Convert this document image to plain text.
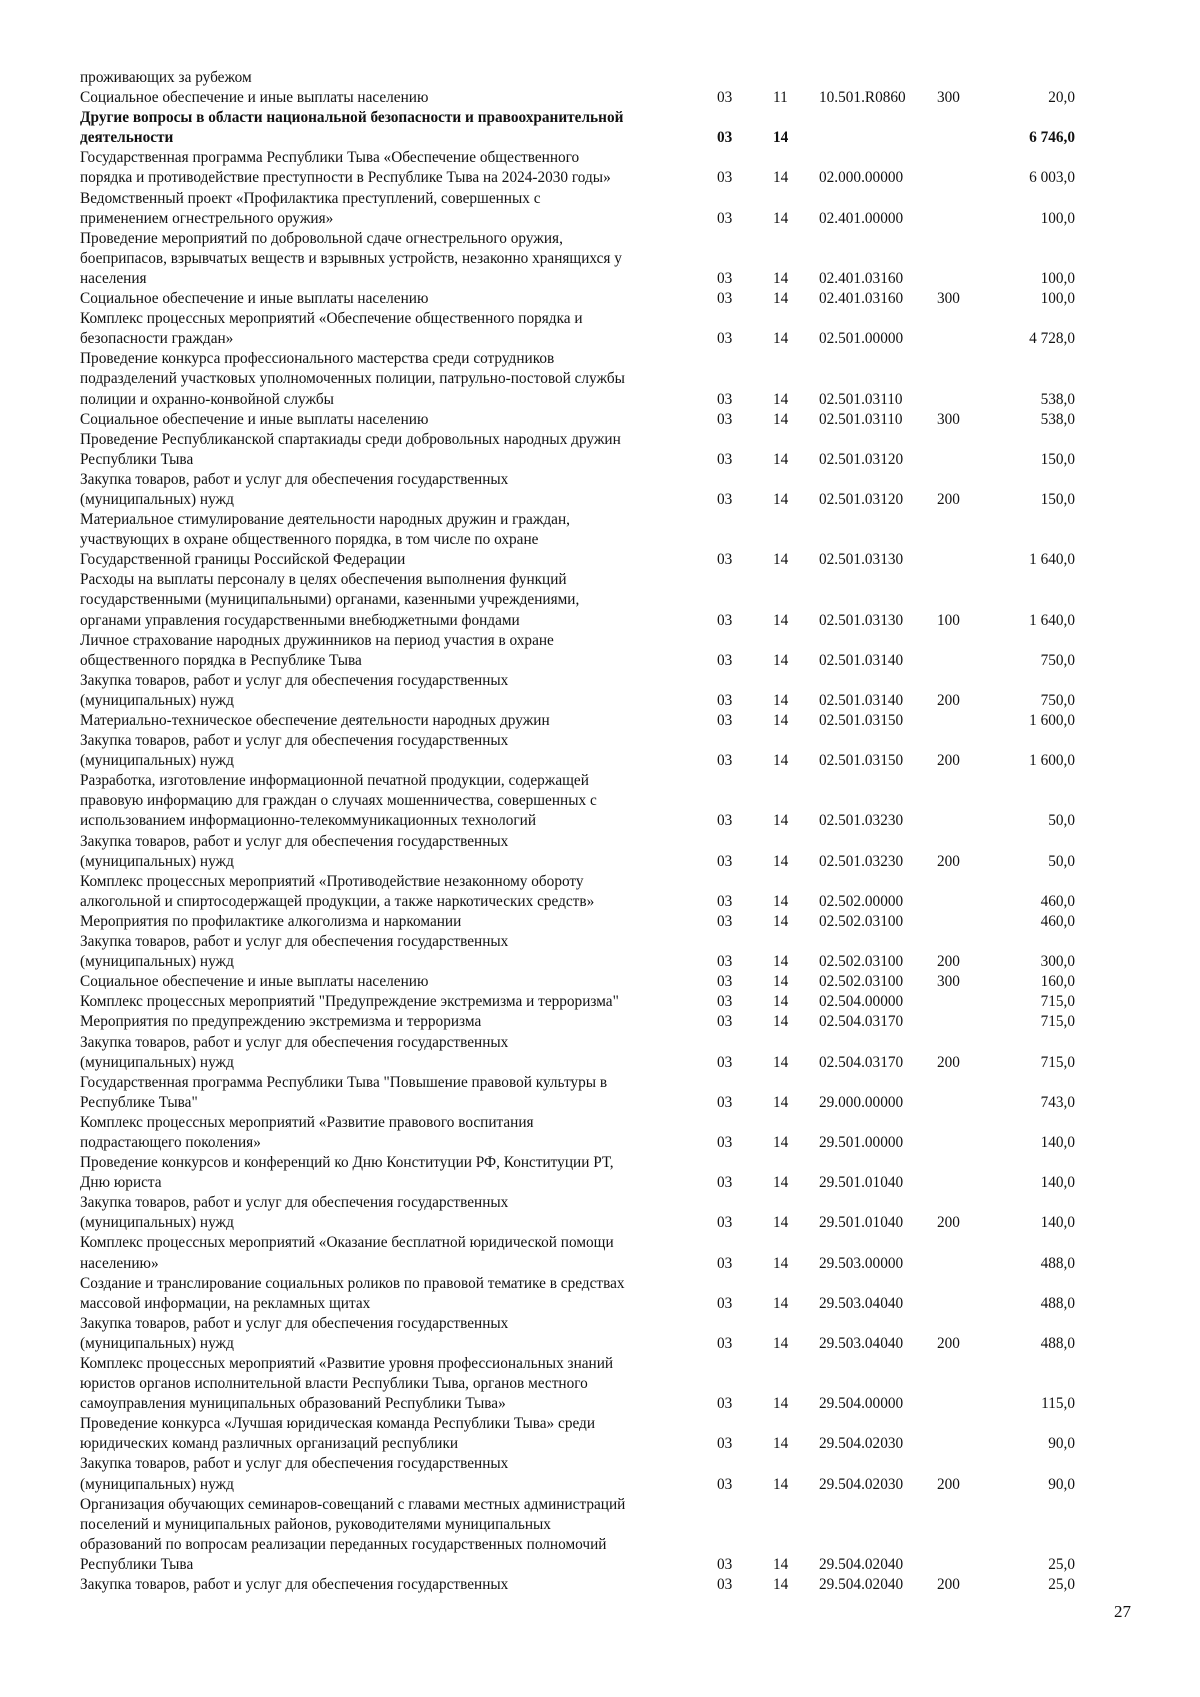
проживающих за рубежом
Социальное обеспечение и иные выплаты населению	03	11	10.501.R0860	300	20,0
Другие вопросы в области национальной безопасности и правоохранительной
деятельности	03	14	6 746,0
Государственная программа Республики Тыва «Обеспечение общественного
порядка и противодействие преступности в Республике Тыва на 2024-2030 годы»	03	14	02.000.00000	6 003,0
Ведомственный проект «Профилактика преступлений, совершенных с
применением огнестрельного оружия»	03	14	02.401.00000	100,0
Проведение мероприятий по добровольной сдаче огнестрельного оружия,
боеприпасов, взрывчатых веществ и взрывных устройств, незаконно хранящихся у
населения	03	14	02.401.03160	100,0
Социальное обеспечение и иные выплаты населению	03	14	02.401.03160	300	100,0
Комплекс процессных мероприятий «Обеспечение общественного порядка и
безопасности граждан»	03	14	02.501.00000	4 728,0
Проведение конкурса профессионального мастерства среди сотрудников
подразделений участковых уполномоченных полиции, патрульно-постовой службы
полиции и охранно-конвойной службы	03	14	02.501.03110	538,0
Социальное обеспечение и иные выплаты населению	03	14	02.501.03110	300	538,0
Проведение Республиканской спартакиады среди добровольных народных дружин
Республики Тыва	03	14	02.501.03120	150,0
Закупка товаров, работ и услуг для обеспечения государственных
(муниципальных) нужд	03	14	02.501.03120	200	150,0
Материальное стимулирование деятельности народных дружин и граждан,
участвующих в охране общественного порядка, в том числе по охране
Государственной границы Российской Федерации	03	14	02.501.03130	1 640,0
Расходы на выплаты персоналу в целях обеспечения выполнения функций
государственными (муниципальными) органами, казенными учреждениями,
органами управления государственными внебюджетными фондами	03	14	02.501.03130	100	1 640,0
Личное страхование народных дружинников на период участия в охране
общественного порядка в Республике Тыва	03	14	02.501.03140	750,0
Закупка товаров, работ и услуг для обеспечения государственных
(муниципальных) нужд	03	14	02.501.03140	200	750,0
Материально-техническое обеспечение деятельности народных дружин	03	14	02.501.03150	1 600,0
Закупка товаров, работ и услуг для обеспечения государственных
(муниципальных) нужд	03	14	02.501.03150	200	1 600,0
Разработка, изготовление информационной печатной продукции, содержащей
правовую информацию для граждан о случаях мошенничества, совершенных с
использованием информационно-телекоммуникационных технологий	03	14	02.501.03230	50,0
Закупка товаров, работ и услуг для обеспечения государственных
(муниципальных) нужд	03	14	02.501.03230	200	50,0
Комплекс процессных мероприятий «Противодействие незаконному обороту
алкогольной и спиртосодержащей продукции, а также наркотических средств»	03	14	02.502.00000	460,0
Мероприятия по профилактике алкоголизма и наркомании	03	14	02.502.03100	460,0
Закупка товаров, работ и услуг для обеспечения государственных
(муниципальных) нужд	03	14	02.502.03100	200	300,0
Социальное обеспечение и иные выплаты населению	03	14	02.502.03100	300	160,0
Комплекс процессных мероприятий "Предупреждение экстремизма и терроризма"	03	14	02.504.00000	715,0
Мероприятия по предупреждению экстремизма и терроризма	03	14	02.504.03170	715,0
Закупка товаров, работ и услуг для обеспечения государственных
(муниципальных) нужд	03	14	02.504.03170	200	715,0
Государственная программа Республики Тыва "Повышение правовой культуры в
Республике Тыва"	03	14	29.000.00000	743,0
Комплекс процессных мероприятий «Развитие правового воспитания
подрастающего поколения»	03	14	29.501.00000	140,0
Проведение конкурсов и конференций ко Дню Конституции РФ, Конституции РТ,
Дню юриста	03	14	29.501.01040	140,0
Закупка товаров, работ и услуг для обеспечения государственных
(муниципальных) нужд	03	14	29.501.01040	200	140,0
Комплекс процессных мероприятий «Оказание бесплатной юридической помощи
населению»	03	14	29.503.00000	488,0
Создание и транслирование социальных роликов по правовой тематике в средствах
массовой информации, на рекламных щитах	03	14	29.503.04040	488,0
Закупка товаров, работ и услуг для обеспечения государственных
(муниципальных) нужд	03	14	29.503.04040	200	488,0
Комплекс процессных мероприятий «Развитие уровня профессиональных знаний
юристов органов исполнительной власти Республики Тыва, органов местного
самоуправления муниципальных образований Республики Тыва»	03	14	29.504.00000	115,0
Проведение конкурса «Лучшая юридическая команда Республики Тыва» среди
юридических команд различных организаций республики	03	14	29.504.02030	90,0
Закупка товаров, работ и услуг для обеспечения государственных
(муниципальных) нужд	03	14	29.504.02030	200	90,0
Организация обучающих семинаров-совещаний с главами местных администраций
поселений и муниципальных районов, руководителями муниципальных
образований по вопросам реализации переданных государственных полномочий
Республики Тыва	03	14	29.504.02040	25,0
Закупка товаров, работ и услуг для обеспечения государственных	03	14	29.504.02040	200	25,0
27
